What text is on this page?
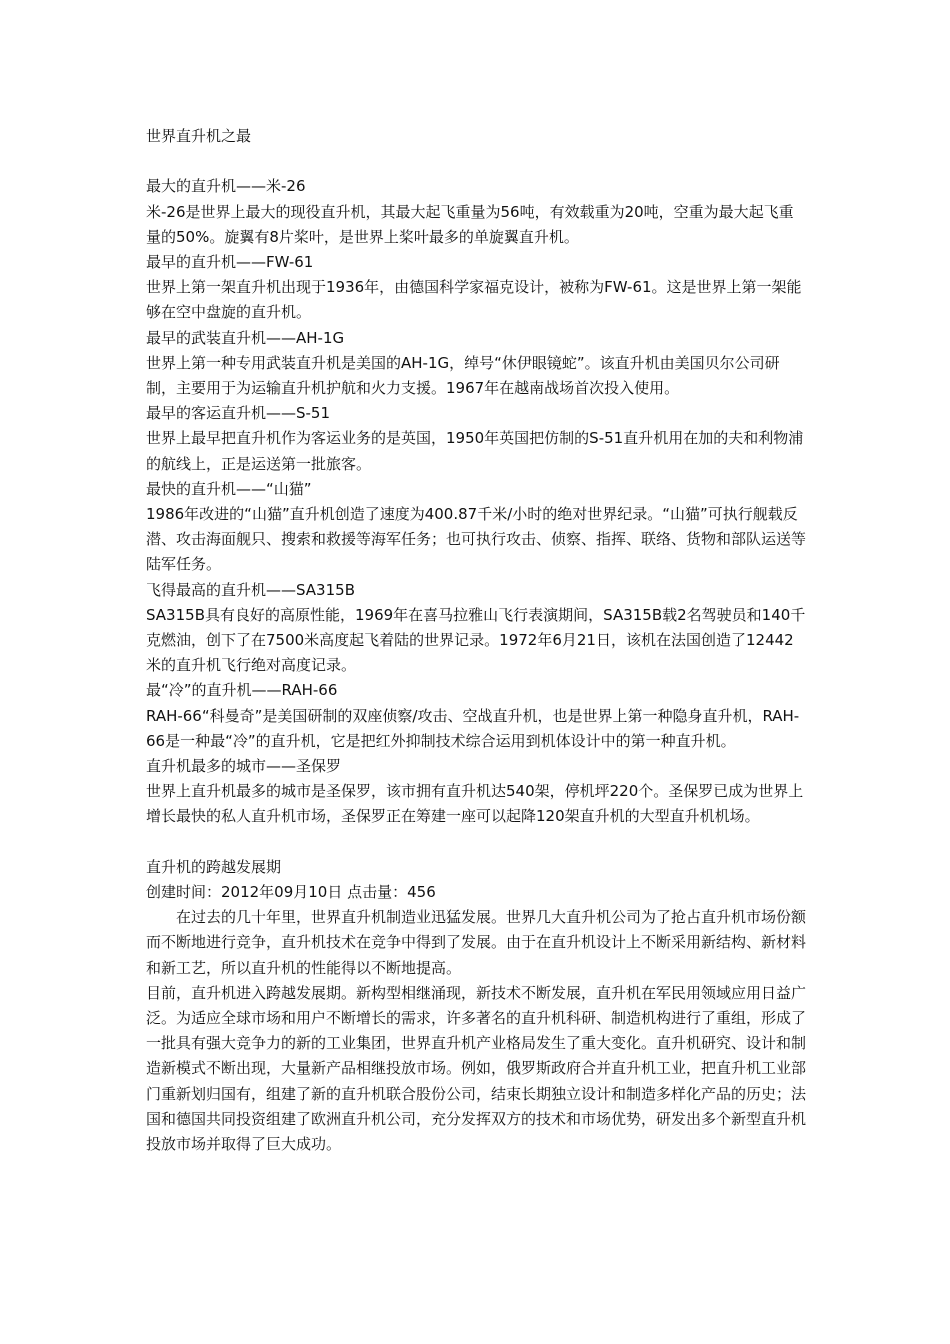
世界直升机之最

最大的直升机——米-26

米-26是世界上最大的现役直升机，其最大起飞重量为56吨，有效载重为20吨，空重为最大起飞重量的50%。旋翼有8片桨叶，是世界上桨叶最多的单旋翼直升机。

最早的直升机——FW-61

世界上第一架直升机出现于1936年，由德国科学家福克设计，被称为FW-61。这是世界上第一架能够在空中盘旋的直升机。

最早的武装直升机——AH-1G

世界上第一种专用武装直升机是美国的AH-1G，绰号“休伊眼镜蛇”。该直升机由美国贝尔公司研制，主要用于为运输直升机护航和火力支援。1967年在越南战场首次投入使用。

最早的客运直升机——S-51

世界上最早把直升机作为客运业务的是英国，1950年英国把仿制的S-51直升机用在加的夫和利物浦的航线上，正是运送第一批旅客。

最快的直升机——“山猫”

1986年改进的“山猫”直升机创造了速度为400.87千米/小时的绝对世界纪录。“山猫”可执行舰载反潜、攻击海面舰只、搜索和救援等海军任务；也可执行攻击、侦察、指挥、联络、货物和部队运送等陆军任务。

飞得最高的直升机——SA315B

SA315B具有良好的高原性能，1969年在喜马拉雅山飞行表演期间，SA315B载2名驾驶员和140千克燃油，创下了在7500米高度起飞着陆的世界记录。1972年6月21日，该机在法国创造了12442米的直升机飞行绝对高度记录。

最“冷”的直升机——RAH-66

RAH-66“科曼奇”是美国研制的双座侦察/攻击、空战直升机，也是世界上第一种隐身直升机，RAH-66是一种最“冷”的直升机，它是把红外抑制技术综合运用到机体设计中的第一种直升机。

直升机最多的城市——圣保罗

世界上直升机最多的城市是圣保罗，该市拥有直升机达540架，停机坪220个。圣保罗已成为世界上增长最快的私人直升机市场，圣保罗正在筹建一座可以起降120架直升机的大型直升机机场。

直升机的跨越发展期

创建时间：2012年09月10日 点击量：456

在过去的几十年里，世界直升机制造业迅猛发展。世界几大直升机公司为了抢占直升机市场份额而不断地进行竞争，直升机技术在竞争中得到了发展。由于在直升机设计上不断采用新结构、新材料和新工艺，所以直升机的性能得以不断地提高。

目前，直升机进入跨越发展期。新构型相继涌现，新技术不断发展，直升机在军民用领域应用日益广泛。为适应全球市场和用户不断增长的需求，许多著名的直升机科研、制造机构进行了重组，形成了一批具有强大竞争力的新的工业集团，世界直升机产业格局发生了重大变化。直升机研究、设计和制造新模式不断出现，大量新产品相继投放市场。例如，俄罗斯政府合并直升机工业，把直升机工业部门重新划归国有，组建了新的直升机联合股份公司，结束长期独立设计和制造多样化产品的历史；法国和德国共同投资组建了欧洲直升机公司，充分发挥双方的技术和市场优势，研发出多个新型直升机投放市场并取得了巨大成功。
